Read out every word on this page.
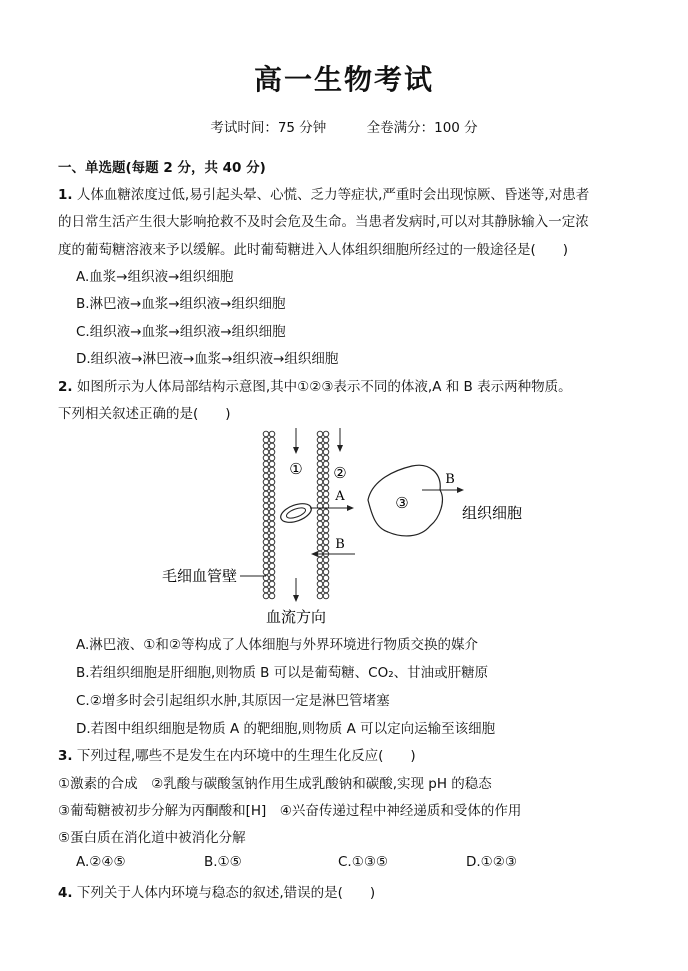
高一生物考试
考试时间：75 分钟	全卷满分：100 分
一、单选题(每题 2 分，共 40 分)
1. 人体血糖浓度过低,易引起头晕、心慌、乏力等症状,严重时会出现惊厥、昏迷等,对患者
的日常生活产生很大影响抢救不及时会危及生命。当患者发病时,可以对其静脉输入一定浓
度的葡萄糖溶液来予以缓解。此时葡萄糖进入人体组织细胞所经过的一般途径是(　　)
A.血浆→组织液→组织细胞
B.淋巴液→血浆→组织液→组织细胞
C.组织液→血浆→组织液→组织细胞
D.组织液→淋巴液→血浆→组织液→组织细胞
2. 如图所示为人体局部结构示意图,其中①②③表示不同的体液,A 和 B 表示两种物质。
下列相关叙述正确的是(　　)
① ②
A
B
③
B
组织细胞
毛细血管壁
血流方向
A.淋巴液、①和②等构成了人体细胞与外界环境进行物质交换的媒介
B.若组织细胞是肝细胞,则物质 B 可以是葡萄糖、CO₂、甘油或肝糖原
C.②增多时会引起组织水肿,其原因一定是淋巴管堵塞
D.若图中组织细胞是物质 A 的靶细胞,则物质 A 可以定向运输至该细胞
3. 下列过程,哪些不是发生在内环境中的生理生化反应(　　)
①激素的合成　②乳酸与碳酸氢钠作用生成乳酸钠和碳酸,实现 pH 的稳态
③葡萄糖被初步分解为丙酮酸和[H]　④兴奋传递过程中神经递质和受体的作用
⑤蛋白质在消化道中被消化分解
A.②④⑤	B.①⑤	C.①③⑤	D.①②③
4. 下列关于人体内环境与稳态的叙述,错误的是(　　)
